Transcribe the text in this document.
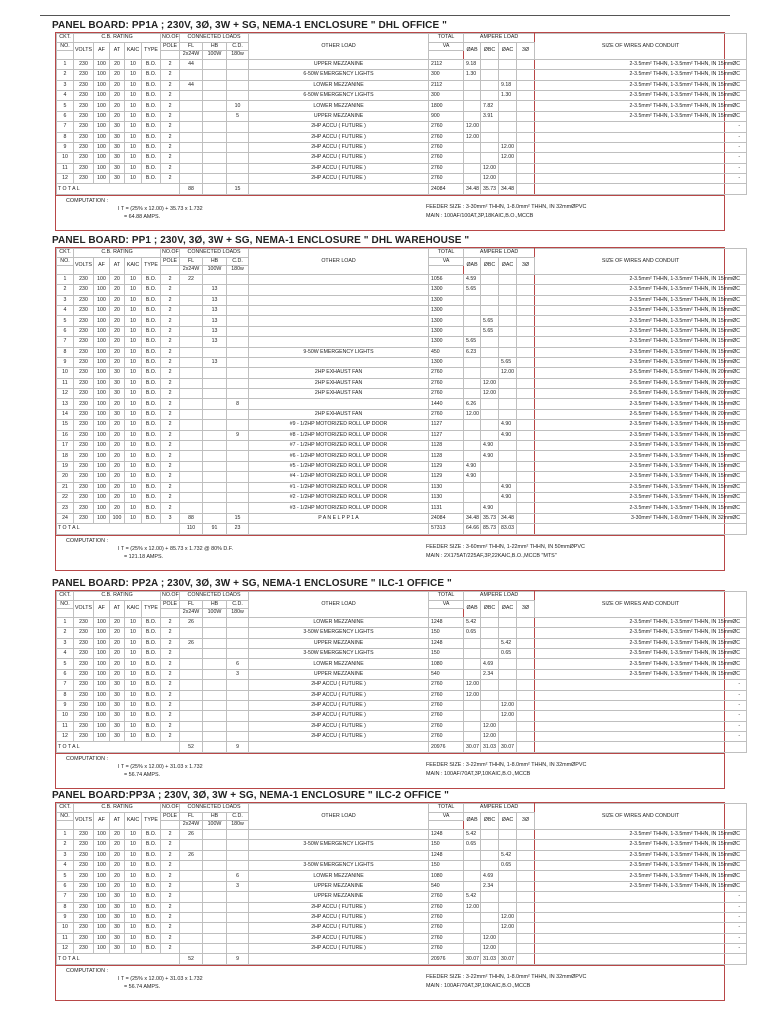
PANEL BOARD: PP1A ; 230V, 3Ø, 3W + SG, NEMA-1 ENCLOSURE " DHL OFFICE "
CKT.	C.B. RATING					NO.OF	CONNECTED LOADS			OTHER LOAD	TOTAL	AMPERE LOAD				SIZE OF WIRES AND CONDUIT
NO.	VOLTS	AF	AT	KAIC	TYPE	POLE	FL	HB	C.D.		VA	ØAB	ØBC	ØAC	3Ø	
							2x24W	100W	180w							
1	230	100	20	10	B.O.	2	44			UPPER MEZZANINE	2112	9.18				2-3.5mm² THHN, 1-3.5mm² THHN, IN 15mmØC
2	230	100	20	10	B.O.	2				6-50W EMERGENCY LIGHTS	300	1.30				2-3.5mm² THHN, 1-3.5mm² THHN, IN 15mmØC
3	230	100	20	10	B.O.	2	44			LOWER MEZZANINE	2112			9.18		2-3.5mm² THHN, 1-3.5mm² THHN, IN 15mmØC
4	230	100	20	10	B.O.	2				6-50W EMERGENCY LIGHTS	300			1.30		2-3.5mm² THHN, 1-3.5mm² THHN, IN 15mmØC
5	230	100	20	10	B.O.	2			10	LOWER MEZZANINE	1800		7.82			2-3.5mm² THHN, 1-3.5mm² THHN, IN 15mmØC
6	230	100	20	10	B.O.	2			5	UPPER MEZZANINE	900		3.91			2-3.5mm² THHN, 1-3.5mm² THHN, IN 15mmØC
7	230	100	30	10	B.O.	2				2HP ACCU ( FUTURE )	2760	12.00				-
8	230	100	30	10	B.O.	2				2HP ACCU ( FUTURE )	2760	12.00				-
9	230	100	30	10	B.O.	2				2HP ACCU ( FUTURE )	2760			12.00		-
10	230	100	30	10	B.O.	2				2HP ACCU ( FUTURE )	2760			12.00		-
11	230	100	30	10	B.O.	2				2HP ACCU ( FUTURE )	2760		12.00			-
12	230	100	30	10	B.O.	2				2HP ACCU ( FUTURE )	2760		12.00			-
T O T A L							88		15		24084	34.48	35.73	34.48		
COMPUTATION :
I T = (25% x 12.00) + 35.73 x 1.732
= 64.88 AMPS.
FEEDER SIZE : 3-30mm² THHN, 1-8.0mm² THHN, IN 32mmØPVC
MAIN : 100AF/100AT,3P,18KAIC,B.O.,MCCB
PANEL BOARD: PP1 ; 230V, 3Ø, 3W + SG, NEMA-1 ENCLOSURE " DHL WAREHOUSE "
CKT.	C.B. RATING					NO.OF	CONNECTED LOADS			OTHER LOAD	TOTAL	AMPERE LOAD				SIZE OF WIRES AND CONDUIT
NO.	VOLTS	AF	AT	KAIC	TYPE	POLE	FL	HB	C.D.		VA	ØAB	ØBC	ØAC	3Ø	
							2x24W	100W	180w							
1	230	100	20	10	B.O.	2	22				1056	4.59				2-3.5mm² THHN, 1-3.5mm² THHN, IN 15mmØC
2	230	100	20	10	B.O.	2		13			1300	5.65				2-3.5mm² THHN, 1-3.5mm² THHN, IN 15mmØC
3	230	100	20	10	B.O.	2		13			1300					2-3.5mm² THHN, 1-3.5mm² THHN, IN 15mmØC
4	230	100	20	10	B.O.	2		13			1300					2-3.5mm² THHN, 1-3.5mm² THHN, IN 15mmØC
5	230	100	20	10	B.O.	2		13			1300		5.65			2-3.5mm² THHN, 1-3.5mm² THHN, IN 15mmØC
6	230	100	20	10	B.O.	2		13			1300		5.65			2-3.5mm² THHN, 1-3.5mm² THHN, IN 15mmØC
7	230	100	20	10	B.O.	2		13			1300	5.65				2-3.5mm² THHN, 1-3.5mm² THHN, IN 15mmØC
8	230	100	20	10	B.O.	2				9-50W EMERGENCY LIGHTS	450	6.23				2-3.5mm² THHN, 1-3.5mm² THHN, IN 15mmØC
9	230	100	20	10	B.O.	2		13			1300			5.65		2-3.5mm² THHN, 1-3.5mm² THHN, IN 15mmØC
10	230	100	30	10	B.O.	2				2HP EXHAUST FAN	2760			12.00		2-5.5mm² THHN, 1-5.5mm² THHN, IN 20mmØC
11	230	100	30	10	B.O.	2				2HP EXHAUST FAN	2760		12.00			2-5.5mm² THHN, 1-5.5mm² THHN, IN 20mmØC
12	230	100	30	10	B.O.	2				2HP EXHAUST FAN	2760		12.00			2-5.5mm² THHN, 1-5.5mm² THHN, IN 20mmØC
13	230	100	20	10	B.O.	2			8		1440	6.26				2-3.5mm² THHN, 1-3.5mm² THHN, IN 15mmØC
14	230	100	30	10	B.O.	2				2HP EXHAUST FAN	2760	12.00				2-5.5mm² THHN, 1-5.5mm² THHN, IN 20mmØC
15	230	100	20	10	B.O.	2				#9 - 1/2HP MOTORIZED ROLL UP DOOR	1127			4.90		2-3.5mm² THHN, 1-3.5mm² THHN, IN 15mmØC
16	230	100	20	10	B.O.	2			9	#8 - 1/2HP MOTORIZED ROLL UP DOOR	1127			4.90		2-3.5mm² THHN, 1-3.5mm² THHN, IN 15mmØC
17	230	100	20	10	B.O.	2				#7 - 1/2HP MOTORIZED ROLL UP DOOR	1128		4.90			2-3.5mm² THHN, 1-3.5mm² THHN, IN 15mmØC
18	230	100	20	10	B.O.	2				#6 - 1/2HP MOTORIZED ROLL UP DOOR	1128		4.90			2-3.5mm² THHN, 1-3.5mm² THHN, IN 15mmØC
19	230	100	20	10	B.O.	2				#5 - 1/2HP MOTORIZED ROLL UP DOOR	1129	4.90				2-3.5mm² THHN, 1-3.5mm² THHN, IN 15mmØC
20	230	100	20	10	B.O.	2				#4 - 1/2HP MOTORIZED ROLL UP DOOR	1129	4.90				2-3.5mm² THHN, 1-3.5mm² THHN, IN 15mmØC
21	230	100	20	10	B.O.	2				#1 - 1/2HP MOTORIZED ROLL UP DOOR	1130			4.90		2-3.5mm² THHN, 1-3.5mm² THHN, IN 15mmØC
22	230	100	20	10	B.O.	2				#2 - 1/2HP MOTORIZED ROLL UP DOOR	1130			4.90		2-3.5mm² THHN, 1-3.5mm² THHN, IN 15mmØC
23	230	100	20	10	B.O.	2				#3 - 1/2HP MOTORIZED ROLL UP DOOR	1131		4.90			2-3.5mm² THHN, 1-3.5mm² THHN, IN 15mmØC
24	230	100	100	10	B.O.	3	88		15	P A N E L P P 1 A	24084	34.48	35.73	34.48		3-30mm² THHN, 1-8.0mm² THHN, IN 32mmØC
T O T A L							110	91	23		57313	64.66	85.73	83.03		
COMPUTATION :
I T = (25% x 12.00) + 85.73 x 1.732 @ 80% D.F.
= 121.18 AMPS.
FEEDER SIZE : 3-60mm² THHN, 1-22mm² THHN, IN 50mmØPVC
MAIN : 2X175AT/225AF,3P,22KAIC,B.O.,MCCB "MTS"
PANEL BOARD: PP2A ; 230V, 3Ø, 3W + SG, NEMA-1 ENCLOSURE " ILC-1 OFFICE "
CKT.	C.B. RATING					NO.OF	CONNECTED LOADS			OTHER LOAD	TOTAL	AMPERE LOAD				SIZE OF WIRES AND CONDUIT
NO.	VOLTS	AF	AT	KAIC	TYPE	POLE	FL	HB	C.D.		VA	ØAB	ØBC	ØAC	3Ø	
							2x24W	100W	180w							
1	230	100	20	10	B.O.	2	26			LOWER MEZZANINE	1248	5.42				2-3.5mm² THHN, 1-3.5mm² THHN, IN 15mmØC
2	230	100	20	10	B.O.	2				3-50W EMERGENCY LIGHTS	150	0.65				2-3.5mm² THHN, 1-3.5mm² THHN, IN 15mmØC
3	230	100	20	10	B.O.	2	26			UPPER MEZZANINE	1248			5.42		2-3.5mm² THHN, 1-3.5mm² THHN, IN 15mmØC
4	230	100	20	10	B.O.	2				3-50W EMERGENCY LIGHTS	150			0.65		2-3.5mm² THHN, 1-3.5mm² THHN, IN 15mmØC
5	230	100	20	10	B.O.	2			6	LOWER MEZZANINE	1080		4.69			2-3.5mm² THHN, 1-3.5mm² THHN, IN 15mmØC
6	230	100	20	10	B.O.	2			3	UPPER MEZZANINE	540		2.34			2-3.5mm² THHN, 1-3.5mm² THHN, IN 15mmØC
7	230	100	30	10	B.O.	2				2HP ACCU ( FUTURE )	2760	12.00				-
8	230	100	30	10	B.O.	2				2HP ACCU ( FUTURE )	2760	12.00				-
9	230	100	30	10	B.O.	2				2HP ACCU ( FUTURE )	2760			12.00		-
10	230	100	30	10	B.O.	2				2HP ACCU ( FUTURE )	2760			12.00		-
11	230	100	30	10	B.O.	2				2HP ACCU ( FUTURE )	2760		12.00			-
12	230	100	30	10	B.O.	2				2HP ACCU ( FUTURE )	2760		12.00			-
T O T A L							52		9		20976	30.07	31.03	30.07		
COMPUTATION :
I T = (25% x 12.00) + 31.03 x 1.732
= 56.74 AMPS.
FEEDER SIZE : 3-22mm² THHN, 1-8.0mm² THHN, IN 32mmØPVC
MAIN : 100AF/70AT,3P,10KAIC,B.O.,MCCB
PANEL BOARD:PP3A ; 230V, 3Ø, 3W + SG, NEMA-1 ENCLOSURE " ILC-2 OFFICE "
CKT.	C.B. RATING					NO.OF	CONNECTED LOADS			OTHER LOAD	TOTAL	AMPERE LOAD				SIZE OF WIRES AND CONDUIT
NO.	VOLTS	AF	AT	KAIC	TYPE	POLE	FL	HB	C.D.		VA	ØAB	ØBC	ØAC	3Ø	
							2x24W	100W	180w							
1	230	100	20	10	B.O.	2	26				1248	5.42				2-3.5mm² THHN, 1-3.5mm² THHN, IN 15mmØC
2	230	100	20	10	B.O.	2				3-50W EMERGENCY LIGHTS	150	0.65				2-3.5mm² THHN, 1-3.5mm² THHN, IN 15mmØC
3	230	100	20	10	B.O.	2	26				1248			5.42		2-3.5mm² THHN, 1-3.5mm² THHN, IN 15mmØC
4	230	100	20	10	B.O.	2				3-50W EMERGENCY LIGHTS	150			0.65		2-3.5mm² THHN, 1-3.5mm² THHN, IN 15mmØC
5	230	100	20	10	B.O.	2			6	LOWER MEZZANINE	1080		4.69			2-3.5mm² THHN, 1-3.5mm² THHN, IN 15mmØC
6	230	100	20	10	B.O.	2			3	UPPER MEZZANINE	540		2.34			2-3.5mm² THHN, 1-3.5mm² THHN, IN 15mmØC
7	230	100	30	10	B.O.	2				UPPER MEZZANINE	2760	5.42				-
8	230	100	30	10	B.O.	2				2HP ACCU ( FUTURE )	2760	12.00				-
9	230	100	30	10	B.O.	2				2HP ACCU ( FUTURE )	2760			12.00		-
10	230	100	30	10	B.O.	2				2HP ACCU ( FUTURE )	2760			12.00		-
11	230	100	30	10	B.O.	2				2HP ACCU ( FUTURE )	2760		12.00			-
12	230	100	30	10	B.O.	2				2HP ACCU ( FUTURE )	2760		12.00			-
T O T A L							52		9		20976	30.07	31.03	30.07		
COMPUTATION :
I T = (25% x 12.00) + 31.03 x 1.732
= 56.74 AMPS.
FEEDER SIZE : 3-22mm² THHN, 1-8.0mm² THHN, IN 32mmØPVC
MAIN : 100AF/70AT,3P,10KAIC,B.O.,MCCB
